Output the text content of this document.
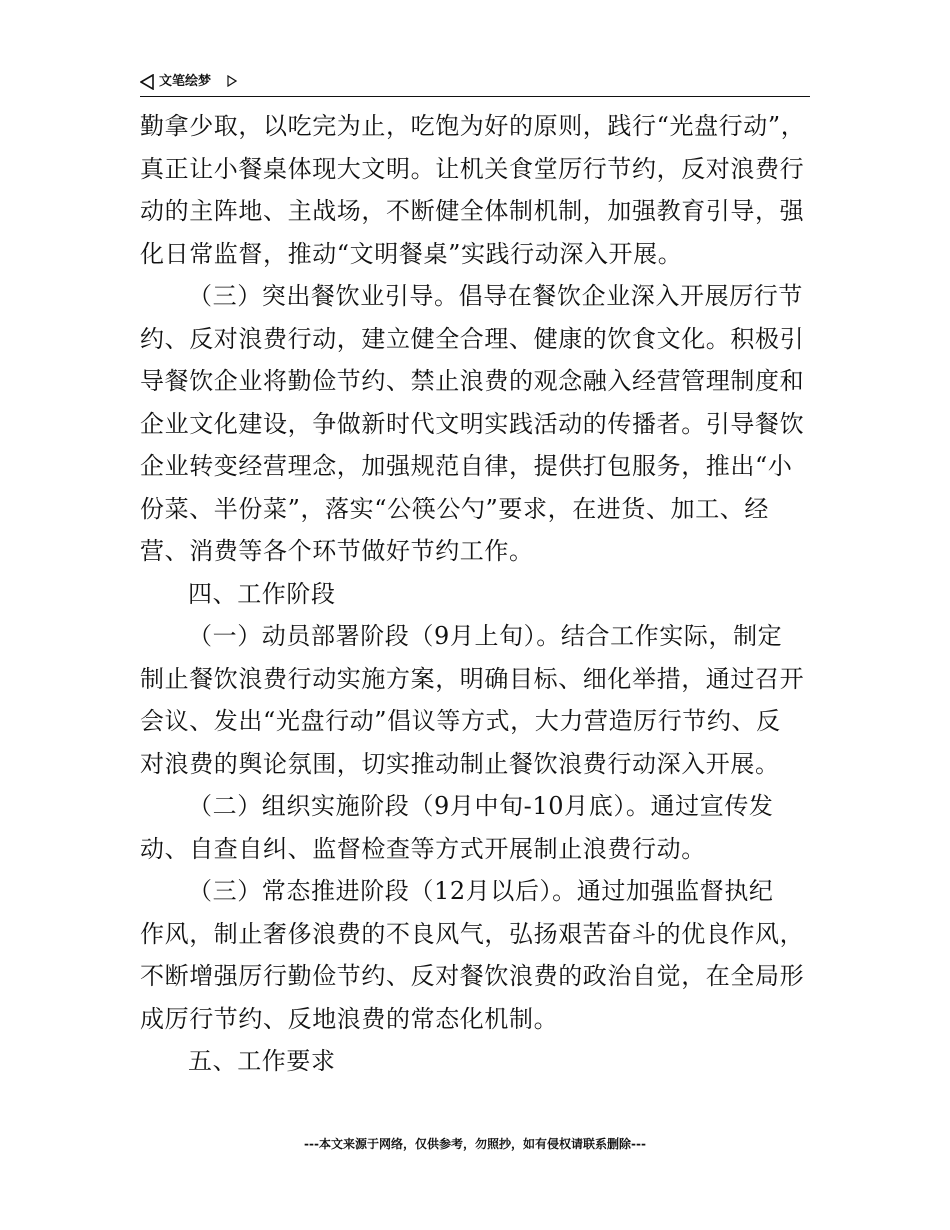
文笔绘梦
勤拿少取，以吃完为止，吃饱为好的原则，践行“光盘行动”，
真正让小餐桌体现大文明。让机关食堂厉行节约，反对浪费行
动的主阵地、主战场，不断健全体制机制，加强教育引导，强
化日常监督，推动“文明餐桌”实践行动深入开展。
（三）突出餐饮业引导。倡导在餐饮企业深入开展厉行节
约、反对浪费行动，建立健全合理、健康的饮食文化。积极引
导餐饮企业将勤俭节约、禁止浪费的观念融入经营管理制度和
企业文化建设，争做新时代文明实践活动的传播者。引导餐饮
企业转变经营理念，加强规范自律，提供打包服务，推出“小
份菜、半份菜”，落实“公筷公勺”要求，在进货、加工、经
营、消费等各个环节做好节约工作。
四、工作阶段
（一）动员部署阶段（9月上旬）。结合工作实际，制定
制止餐饮浪费行动实施方案，明确目标、细化举措，通过召开
会议、发出“光盘行动”倡议等方式，大力营造厉行节约、反
对浪费的舆论氛围，切实推动制止餐饮浪费行动深入开展。
（二）组织实施阶段（9月中旬-10月底）。通过宣传发
动、自查自纠、监督检查等方式开展制止浪费行动。
（三）常态推进阶段（12月以后）。通过加强监督执纪
作风，制止奢侈浪费的不良风气，弘扬艰苦奋斗的优良作风，
不断增强厉行勤俭节约、反对餐饮浪费的政治自觉，在全局形
成厉行节约、反地浪费的常态化机制。
五、工作要求
---本文来源于网络，仅供参考，勿照抄，如有侵权请联系删除---
